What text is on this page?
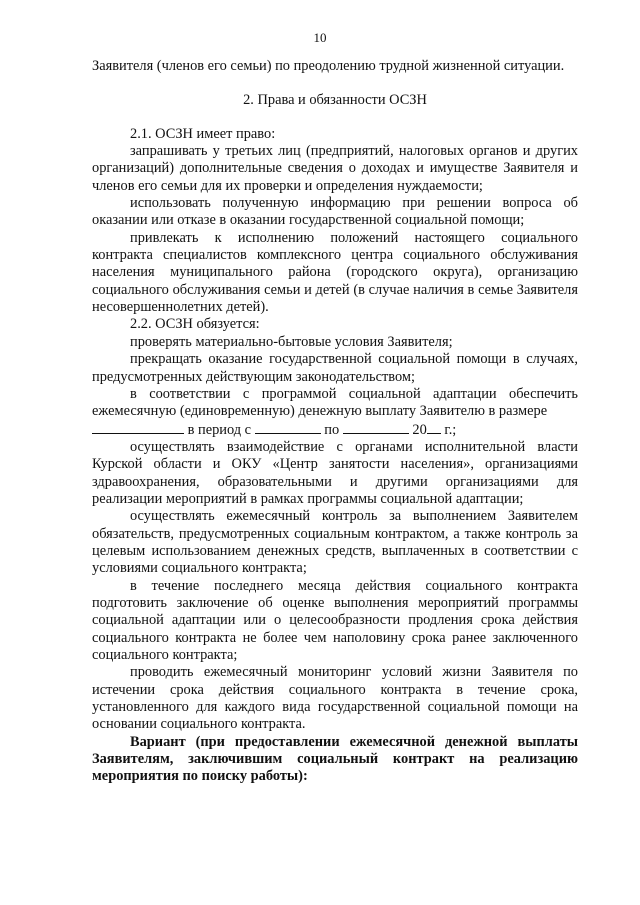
10

Заявителя (членов его семьи) по преодолению трудной жизненной ситуации.

2. Права и обязанности ОСЗН

2.1. ОСЗН имеет право:

запрашивать у третьих лиц (предприятий, налоговых органов и других организаций) дополнительные сведения о доходах и имуществе Заявителя и членов его семьи для их проверки и определения нуждаемости;

использовать полученную информацию при решении вопроса об оказании или отказе в оказании государственной социальной помощи;

привлекать к исполнению положений настоящего социального контракта специалистов комплексного центра социального обслуживания населения муниципального района (городского округа), организацию социального обслуживания семьи и детей (в случае наличия в семье Заявителя несовершеннолетних детей).

2.2. ОСЗН обязуется:

проверять материально-бытовые условия Заявителя;

прекращать оказание государственной социальной помощи в случаях, предусмотренных действующим законодательством;

в соответствии с программой социальной адаптации обеспечить ежемесячную (единовременную) денежную выплату Заявителю в размере
в период с	по	20 г.;

осуществлять взаимодействие с органами исполнительной власти Курской области и ОКУ «Центр занятости населения», организациями здравоохранения, образовательными и другими организациями для реализации мероприятий в рамках программы социальной адаптации;

осуществлять ежемесячный контроль за выполнением Заявителем обязательств, предусмотренных социальным контрактом, а также контроль за целевым использованием денежных средств, выплаченных в соответствии с условиями социального контракта;

в течение последнего месяца действия социального контракта подготовить заключение об оценке выполнения мероприятий программы социальной адаптации или о целесообразности продления срока действия социального контракта не более чем наполовину срока ранее заключенного социального контракта;

проводить ежемесячный мониторинг условий жизни Заявителя по истечении срока действия социального контракта в течение срока, установленного для каждого вида государственной социальной помощи на основании социального контракта.

Вариант (при предоставлении ежемесячной денежной выплаты Заявителям, заключившим социальный контракт на реализацию мероприятия по поиску работы):
